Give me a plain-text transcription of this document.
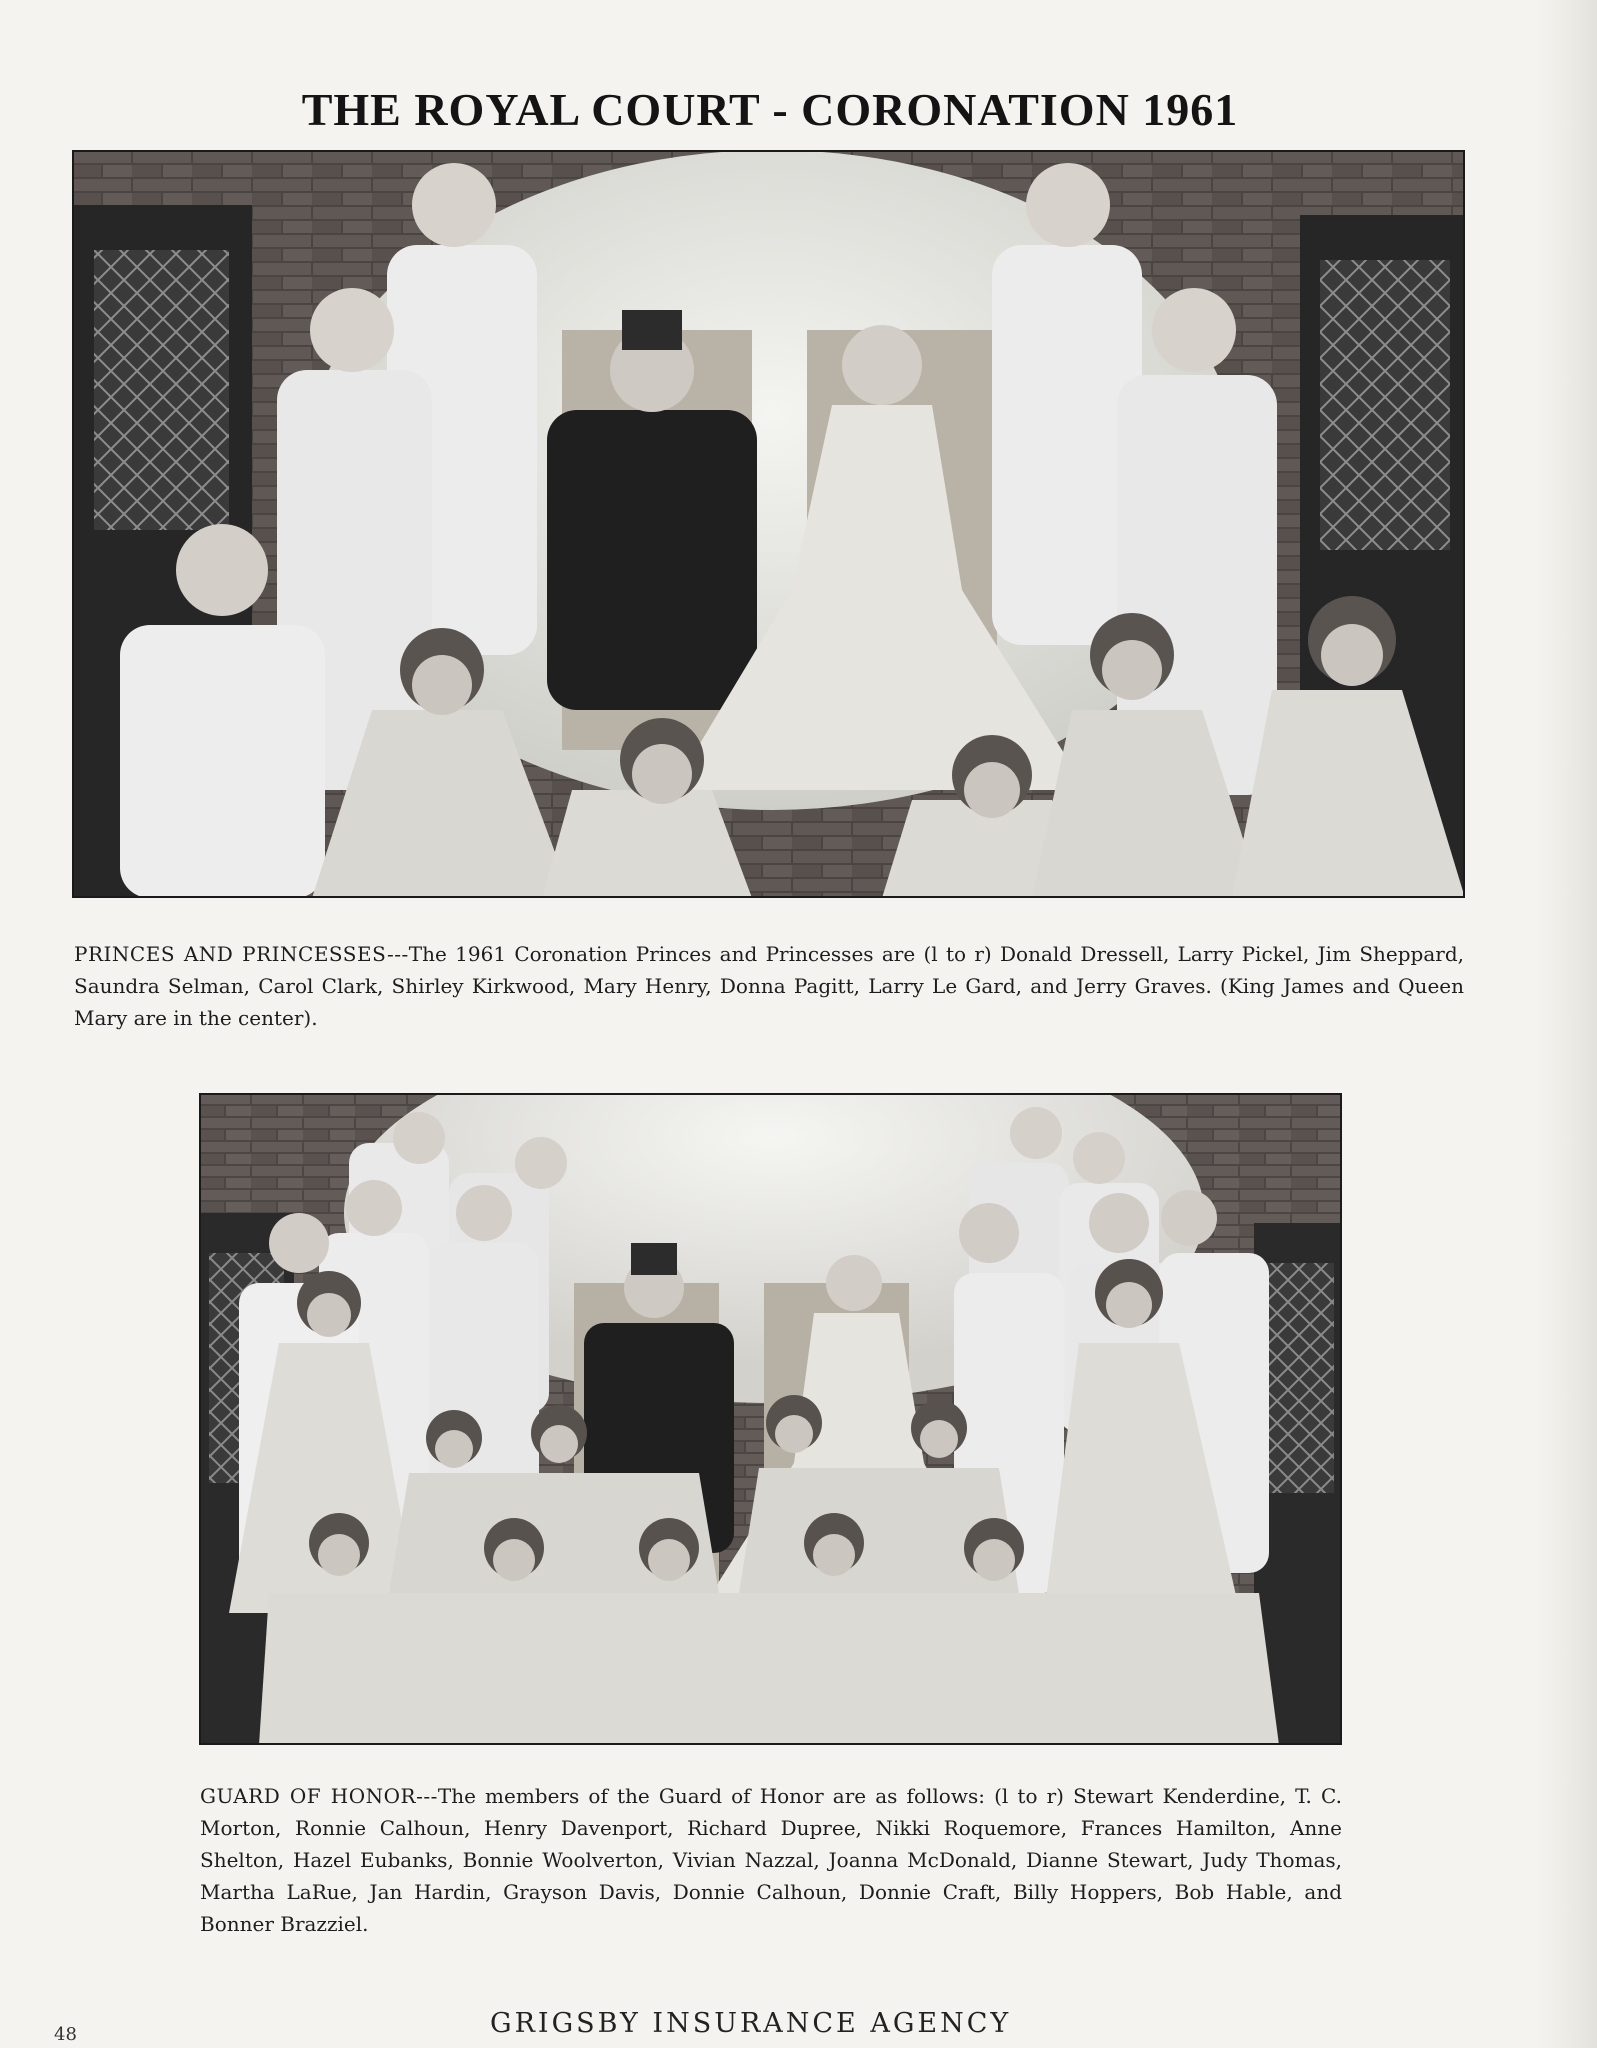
THE ROYAL COURT - CORONATION 1961

PRINCES AND PRINCESSES---The 1961 Coronation Princes and Princesses are (l to r) Donald Dressell, Larry Pickel, Jim Sheppard, Saundra Selman, Carol Clark, Shirley Kirkwood, Mary Henry, Donna Pagitt, Larry Le Gard, and Jerry Graves. (King James and Queen Mary are in the center).

GUARD OF HONOR---The members of the Guard of Honor are as follows: (l to r) Stewart Kenderdine, T. C. Morton, Ronnie Calhoun, Henry Davenport, Richard Dupree, Nikki Roquemore, Frances Hamilton, Anne Shelton, Hazel Eubanks, Bonnie Woolverton, Vivian Nazzal, Joanna McDonald, Dianne Stewart, Judy Thomas, Martha LaRue, Jan Hardin, Grayson Davis, Donnie Calhoun, Donnie Craft, Billy Hoppers, Bob Hable, and Bonner Brazziel.

48	GRIGSBY INSURANCE AGENCY
